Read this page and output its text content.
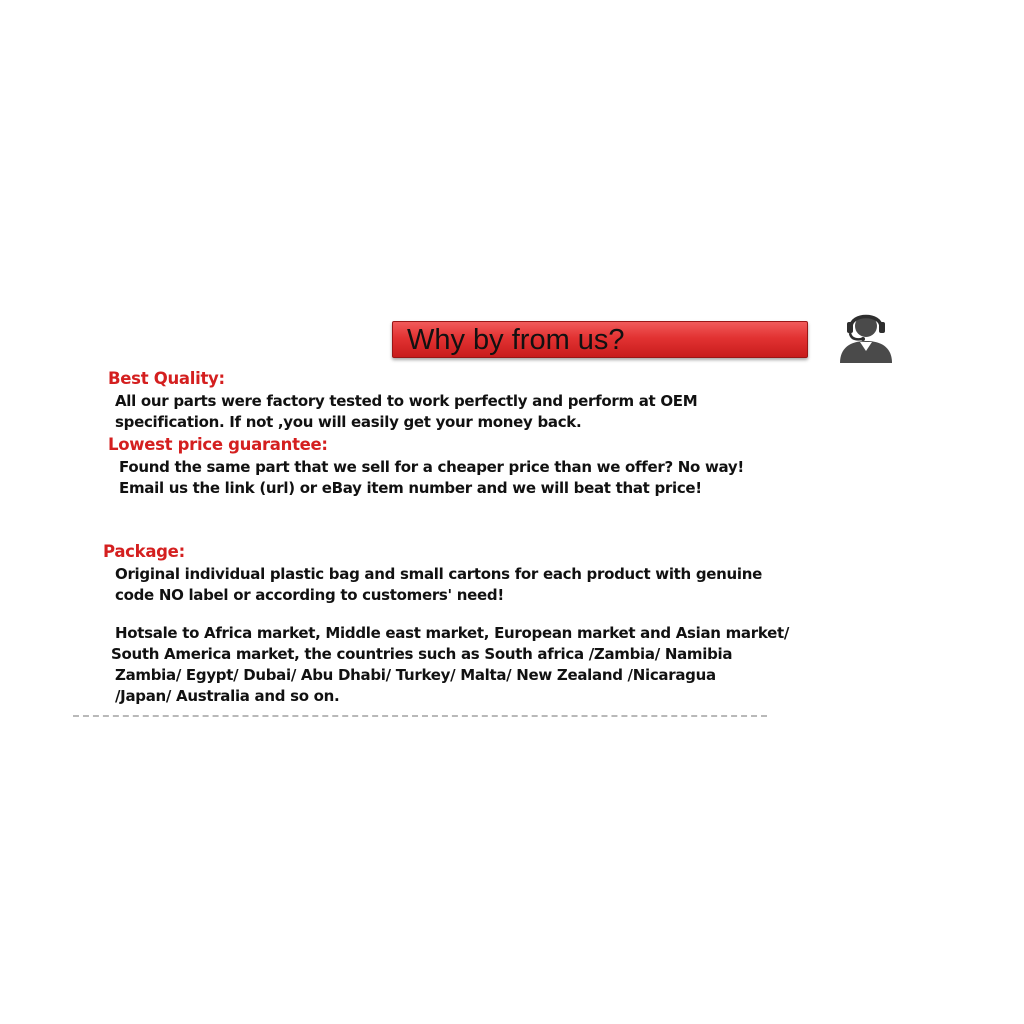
Why by from us?
Best Quality:
All our parts were factory tested to work perfectly and perform at OEM
specification. If not ,you will easily get your money back.
Lowest price guarantee:
Found the same part that we sell for a cheaper price than we offer? No way!
Email us the link (url) or eBay item number and we will beat that price!
Package:
Original individual plastic bag and small cartons for each product with genuine
code NO label or according to customers' need!
Hotsale to Africa market, Middle east market, European market and Asian market/
South America market, the countries such as South africa /Zambia/ Namibia
Zambia/ Egypt/ Dubai/ Abu Dhabi/ Turkey/ Malta/ New Zealand /Nicaragua
/Japan/ Australia and so on.
